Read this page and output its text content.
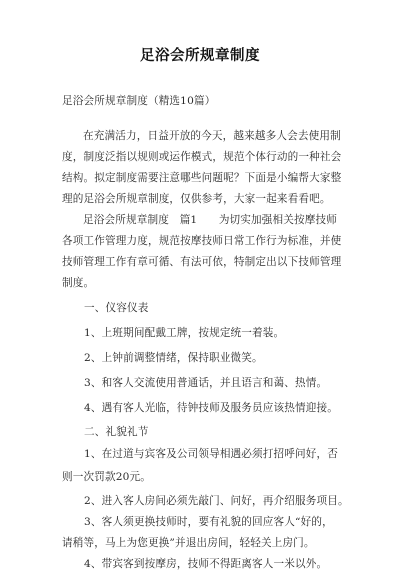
足浴会所规章制度
足浴会所规章制度（精选10篇）
在充满活力，日益开放的今天，越来越多人会去使用制
度，制度泛指以规则或运作模式，规范个体行动的一种社会
结构。拟定制度需要注意哪些问题呢？下面是小编帮大家整
理的足浴会所规章制度，仅供参考，大家一起来看看吧。
足浴会所规章制度　篇1　　为切实加强相关按摩技师
各项工作管理力度，规范按摩技师日常工作行为标准，并使
技师管理工作有章可循、有法可依，特制定出以下技师管理
制度。
一、仪容仪表
1、上班期间配戴工牌，按规定统一着装。
2、上钟前调整情绪，保持职业微笑。
3、和客人交流使用普通话，并且语言和蔼、热情。
4、遇有客人光临，待钟技师及服务员应该热情迎接。
二、礼貌礼节
1、在过道与宾客及公司领导相遇必须打招呼问好，否
则一次罚款20元。
2、进入客人房间必须先敲门、问好，再介绍服务项目。
3、客人须更换技师时，要有礼貌的回应客人“好的，
请稍等，马上为您更换”并退出房间，轻轻关上房门。
4、带宾客到按摩房，技师不得距离客人一米以外。
